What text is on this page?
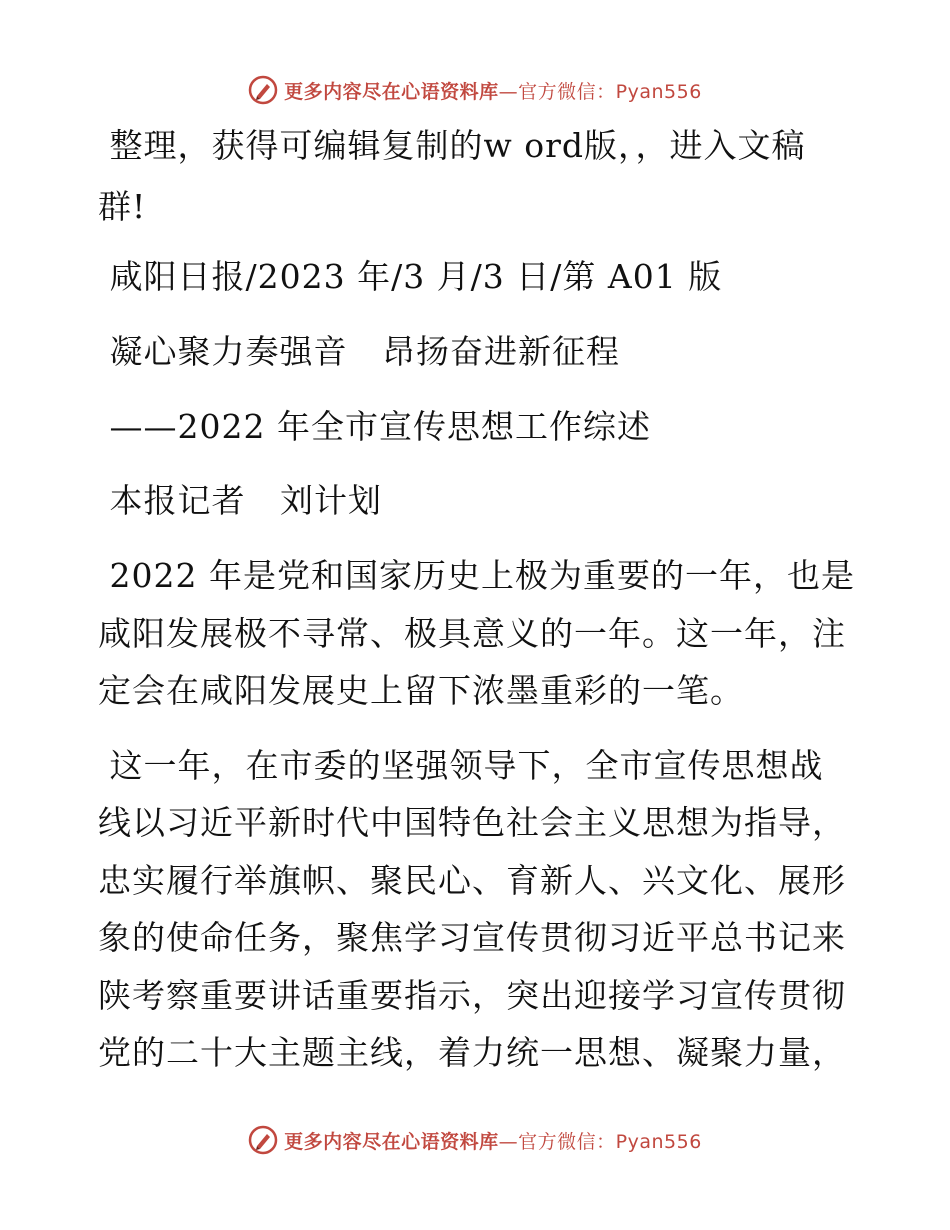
更多内容尽在心语资料库—官方微信：Pyan556
整理，获得可编辑复制的w ord版，，进入文稿
群!
咸阳日报/2023 年/3 月/3 日/第 A01 版
凝心聚力奏强音   昂扬奋进新征程
——2022 年全市宣传思想工作综述
本报记者   刘计划
2022 年是党和国家历史上极为重要的一年，也是
咸阳发展极不寻常、极具意义的一年。这一年，注
定会在咸阳发展史上留下浓墨重彩的一笔。
这一年，在市委的坚强领导下，全市宣传思想战
线以习近平新时代中国特色社会主义思想为指导，
忠实履行举旗帜、聚民心、育新人、兴文化、展形
象的使命任务，聚焦学习宣传贯彻习近平总书记来
陕考察重要讲话重要指示，突出迎接学习宣传贯彻
党的二十大主题主线，着力统一思想、凝聚力量，
更多内容尽在心语资料库—官方微信：Pyan556
